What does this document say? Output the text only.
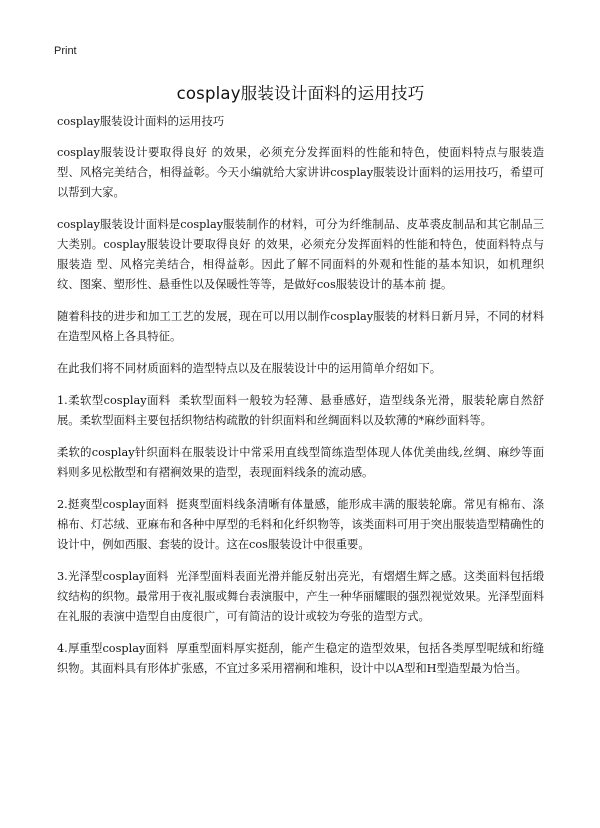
Print
cosplay服装设计面料的运用技巧
cosplay服装设计面料的运用技巧

cosplay服装设计要取得良好 的效果，必须充分发挥面料的性能和特色，使面料特点与服装造 型、风格完美结合，相得益彰。今天小编就给大家讲讲cosplay服装设计面料的运用技巧，希望可以帮到大家。

cosplay服装设计面料是cosplay服装制作的材料，可分为纤维制品、皮革裘皮制品和其它制品三大类别。cosplay服装设计要取得良好 的效果，必须充分发挥面料的性能和特色，使面料特点与服装造 型、风格完美结合，相得益彰。因此了解不同面料的外观和性能的基本知识，如机理织纹、图案、塑形性、悬垂性以及保暖性等等，是做好cos服装设计的基本前 提。

随着科技的进步和加工工艺的发展，现在可以用以制作cosplay服装的材料日新月异，不同的材料在造型风格上各具特征。

在此我们将不同材质面料的造型特点以及在服装设计中的运用简单介绍如下。

1.柔软型cosplay面料 柔软型面料一般较为轻薄、悬垂感好，造型线条光滑，服装轮廓自然舒展。柔软型面料主要包括织物结构疏散的针织面料和丝绸面料以及软薄的*麻纱面料等。

柔软的cosplay针织面料在服装设计中常采用直线型简练造型体现人体优美曲线,丝绸、麻纱等面料则多见松散型和有褶裥效果的造型，表现面料线条的流动感。

2.挺爽型cosplay面料 挺爽型面料线条清晰有体量感，能形成丰满的服装轮廓。常见有棉布、涤棉布、灯芯绒、亚麻布和各种中厚型的毛料和化纤织物等，该类面料可用于突出服装造型精确性的设计中，例如西服、套装的设计。这在cos服装设计中很重要。

3.光泽型cosplay面料 光泽型面料表面光滑并能反射出亮光，有熠熠生辉之感。这类面料包括缎纹结构的织物。最常用于夜礼服或舞台表演服中，产生一种华丽耀眼的强烈视觉效果。光泽型面料在礼服的表演中造型自由度很广，可有简洁的设计或较为夸张的造型方式。

4.厚重型cosplay面料 厚重型面料厚实挺刮，能产生稳定的造型效果，包括各类厚型呢绒和绗缝织物。其面料具有形体扩张感，不宜过多采用褶裥和堆积，设计中以A型和H型造型最为恰当。
